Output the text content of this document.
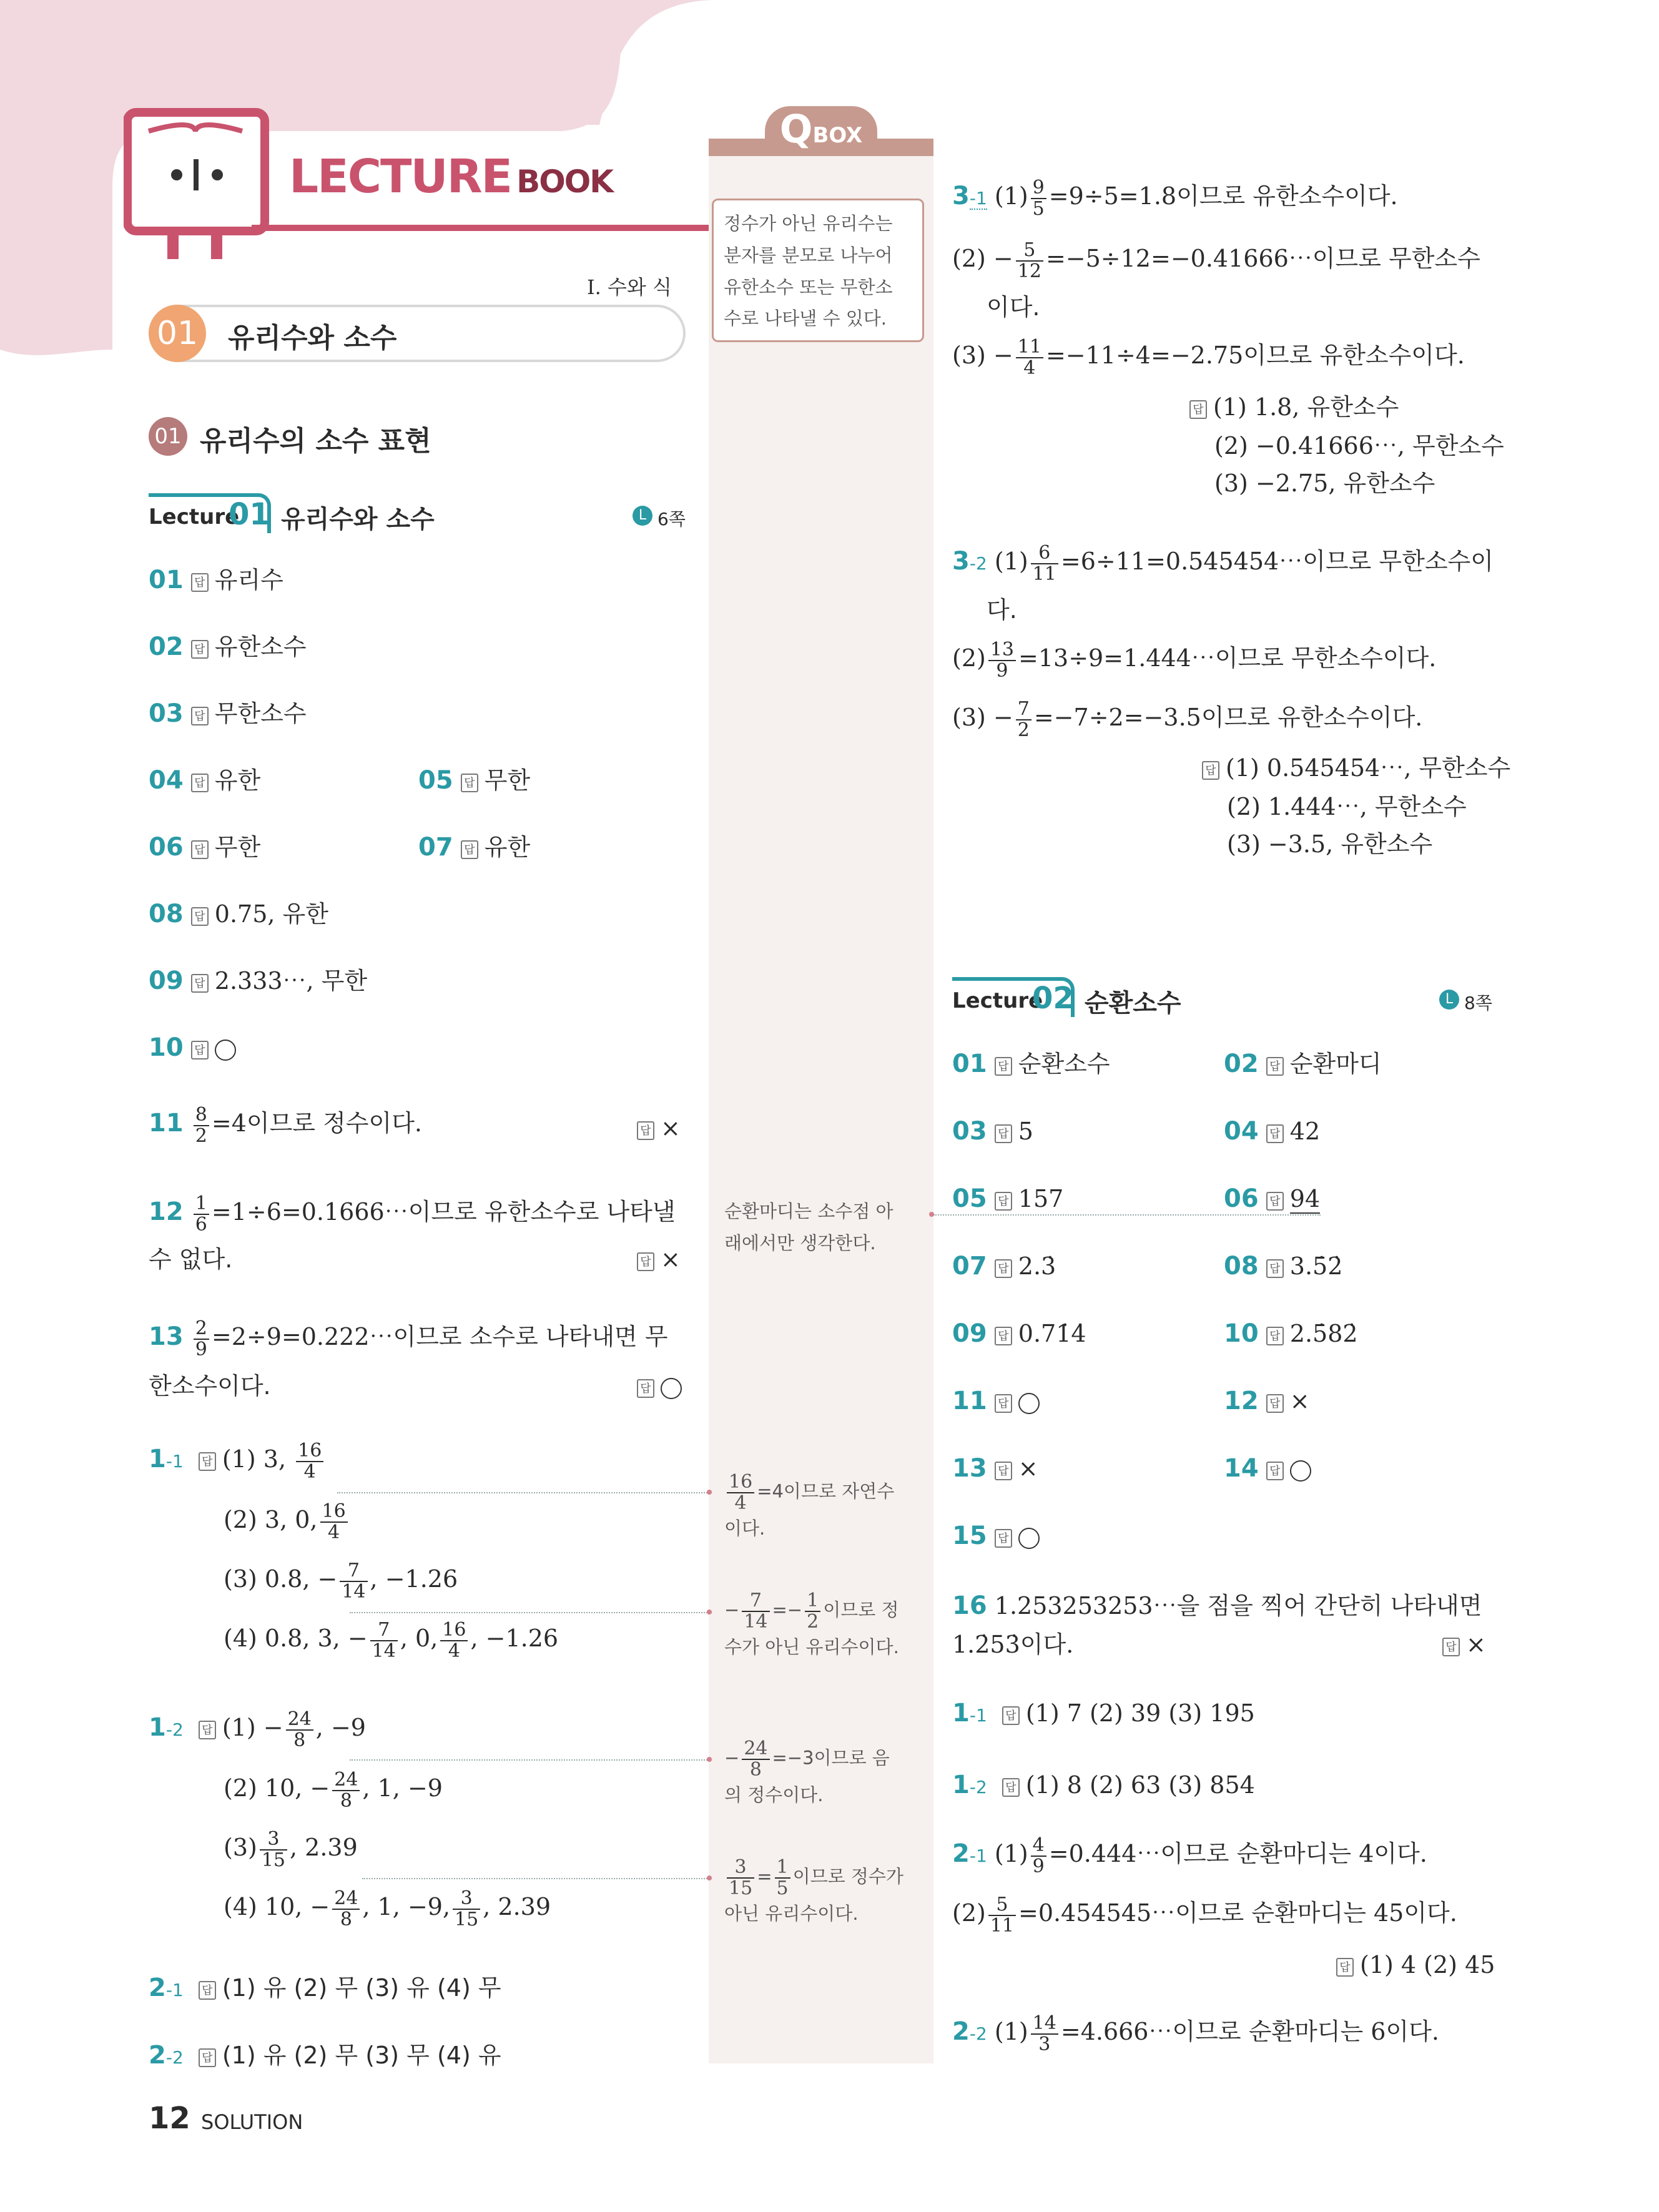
LECTURE BOOK
I. 수와 식
01 유리수와 소수
01 유리수의 소수 표현
Lecture
01 유리수와 소수	L 6쪽
01 답 유리수
02 답 유한소수
03 답 무한소수
04 답 유한	05 답 무한
06 답 무한	07 답 유한
08 답 0.75, 유한
09 답 2.333⋯, 무한
10 답
$11 \frac{8}{2} =4$이므로 정수이다.	답 ×
$12 \frac{1}{6}$ =1÷6=0.1666⋯이므로 유한소수로 나타낼
수 없다.	답 ×
$13 \frac{2}{9}$ =2÷9=0.222⋯이므로 소수로 나타내면 무
한소수이다.	답
1-1 답 (1) 3, $\frac{16}{4}$
(2) 3, 0, $\frac{16}{4}$
(3) 0.8, − $\frac{7}{14}$ , −1.26
(4) 0.8, 3, − $\frac{7}{14}$ , 0, $\frac{16}{4}$ , −1.26
1-2 답 $(1) - \frac{24}{8}$ , −9
(2) 10, − $\frac{24}{8}$ , 1, −9
$(3) \frac{3}{15}$ , 2.39
(4) 10, − $\frac{24}{8}$ , 1, −9, $\frac{3}{15}$ , 2.39
2-1 답 (1) 유 (2) 무 (3) 유 (4) 무
2-2 답 (1) 유 (2) 무 (3) 무 (4) 유
12 SOLUTION
QBOX
정수가 아닌 유리수는
분자를 분모로 나누어
유한소수 또는 무한소
수로 나타낼 수 있다.
순환마디는 소수점 아
래에서만 생각한다.
$\frac{16}{4} =4$이므로 자연수
이다.
− $\frac{7}{14} =- \frac{1}{2}$ 이므로 정
수가 아닌 유리수이다.
− $\frac{24}{8} =-3$이므로 음
의 정수이다.
$\frac{3}{15} = \frac{1}{5}$ 이므로 정수가
아닌 유리수이다.
3-1 $(1) \frac{9}{5} =9\div 5=1.8$이므로 유한소수이다.
$(2) - \frac{5}{12}$ =−5÷12=−0.41666⋯이므로 무한소수
이다.
$(3) - \frac{11}{4} =-11\div 4=-2.75$이므로 유한소수이다.
답 (1) 1.8, 유한소수
(2) −0.41666⋯, 무한소수
(3) −2.75, 유한소수
3-2 $(1) \frac{6}{11}$ =6÷11=0.545454⋯이므로 무한소수이
다.
$(2) \frac{13}{9}$ =13÷9=1.444⋯이므로 무한소수이다.
$(3) - \frac{7}{2} =-7\div 2=-3.5$이므로 유한소수이다.
답 (1) 0.545454⋯, 무한소수
(2) 1.444⋯, 무한소수
(3) −3.5, 유한소수
Lecture
02 순환소수	L 8쪽
01 답 순환소수	02 답 순환마디
03 답 5	04 답 42
05 답 157	06 답 94
07 답 2.3̇	08 답 3.5̇2̇
09 답 0.71̇4̇	10 답 2.5̇82̇
11 답	12 답 ×
13 답 ×	14 답
15 답
16 1.253253253⋯을 점을 찍어 간단히 나타내면
1.2̇53̇이다.	답 ×
1-1 답 (1) 7 (2) 39 (3) 195
1-2 답 (1) 8 (2) 63 (3) 854
2-1 $(1) \frac{4}{9}$ =0.444⋯이므로 순환마디는 4이다.
$(2) \frac{5}{11}$ =0.454545⋯이므로 순환마디는 45이다.
답 (1) 4 (2) 45
2-2 $(1) \frac{14}{3}$ =4.666⋯이므로 순환마디는 6이다.
